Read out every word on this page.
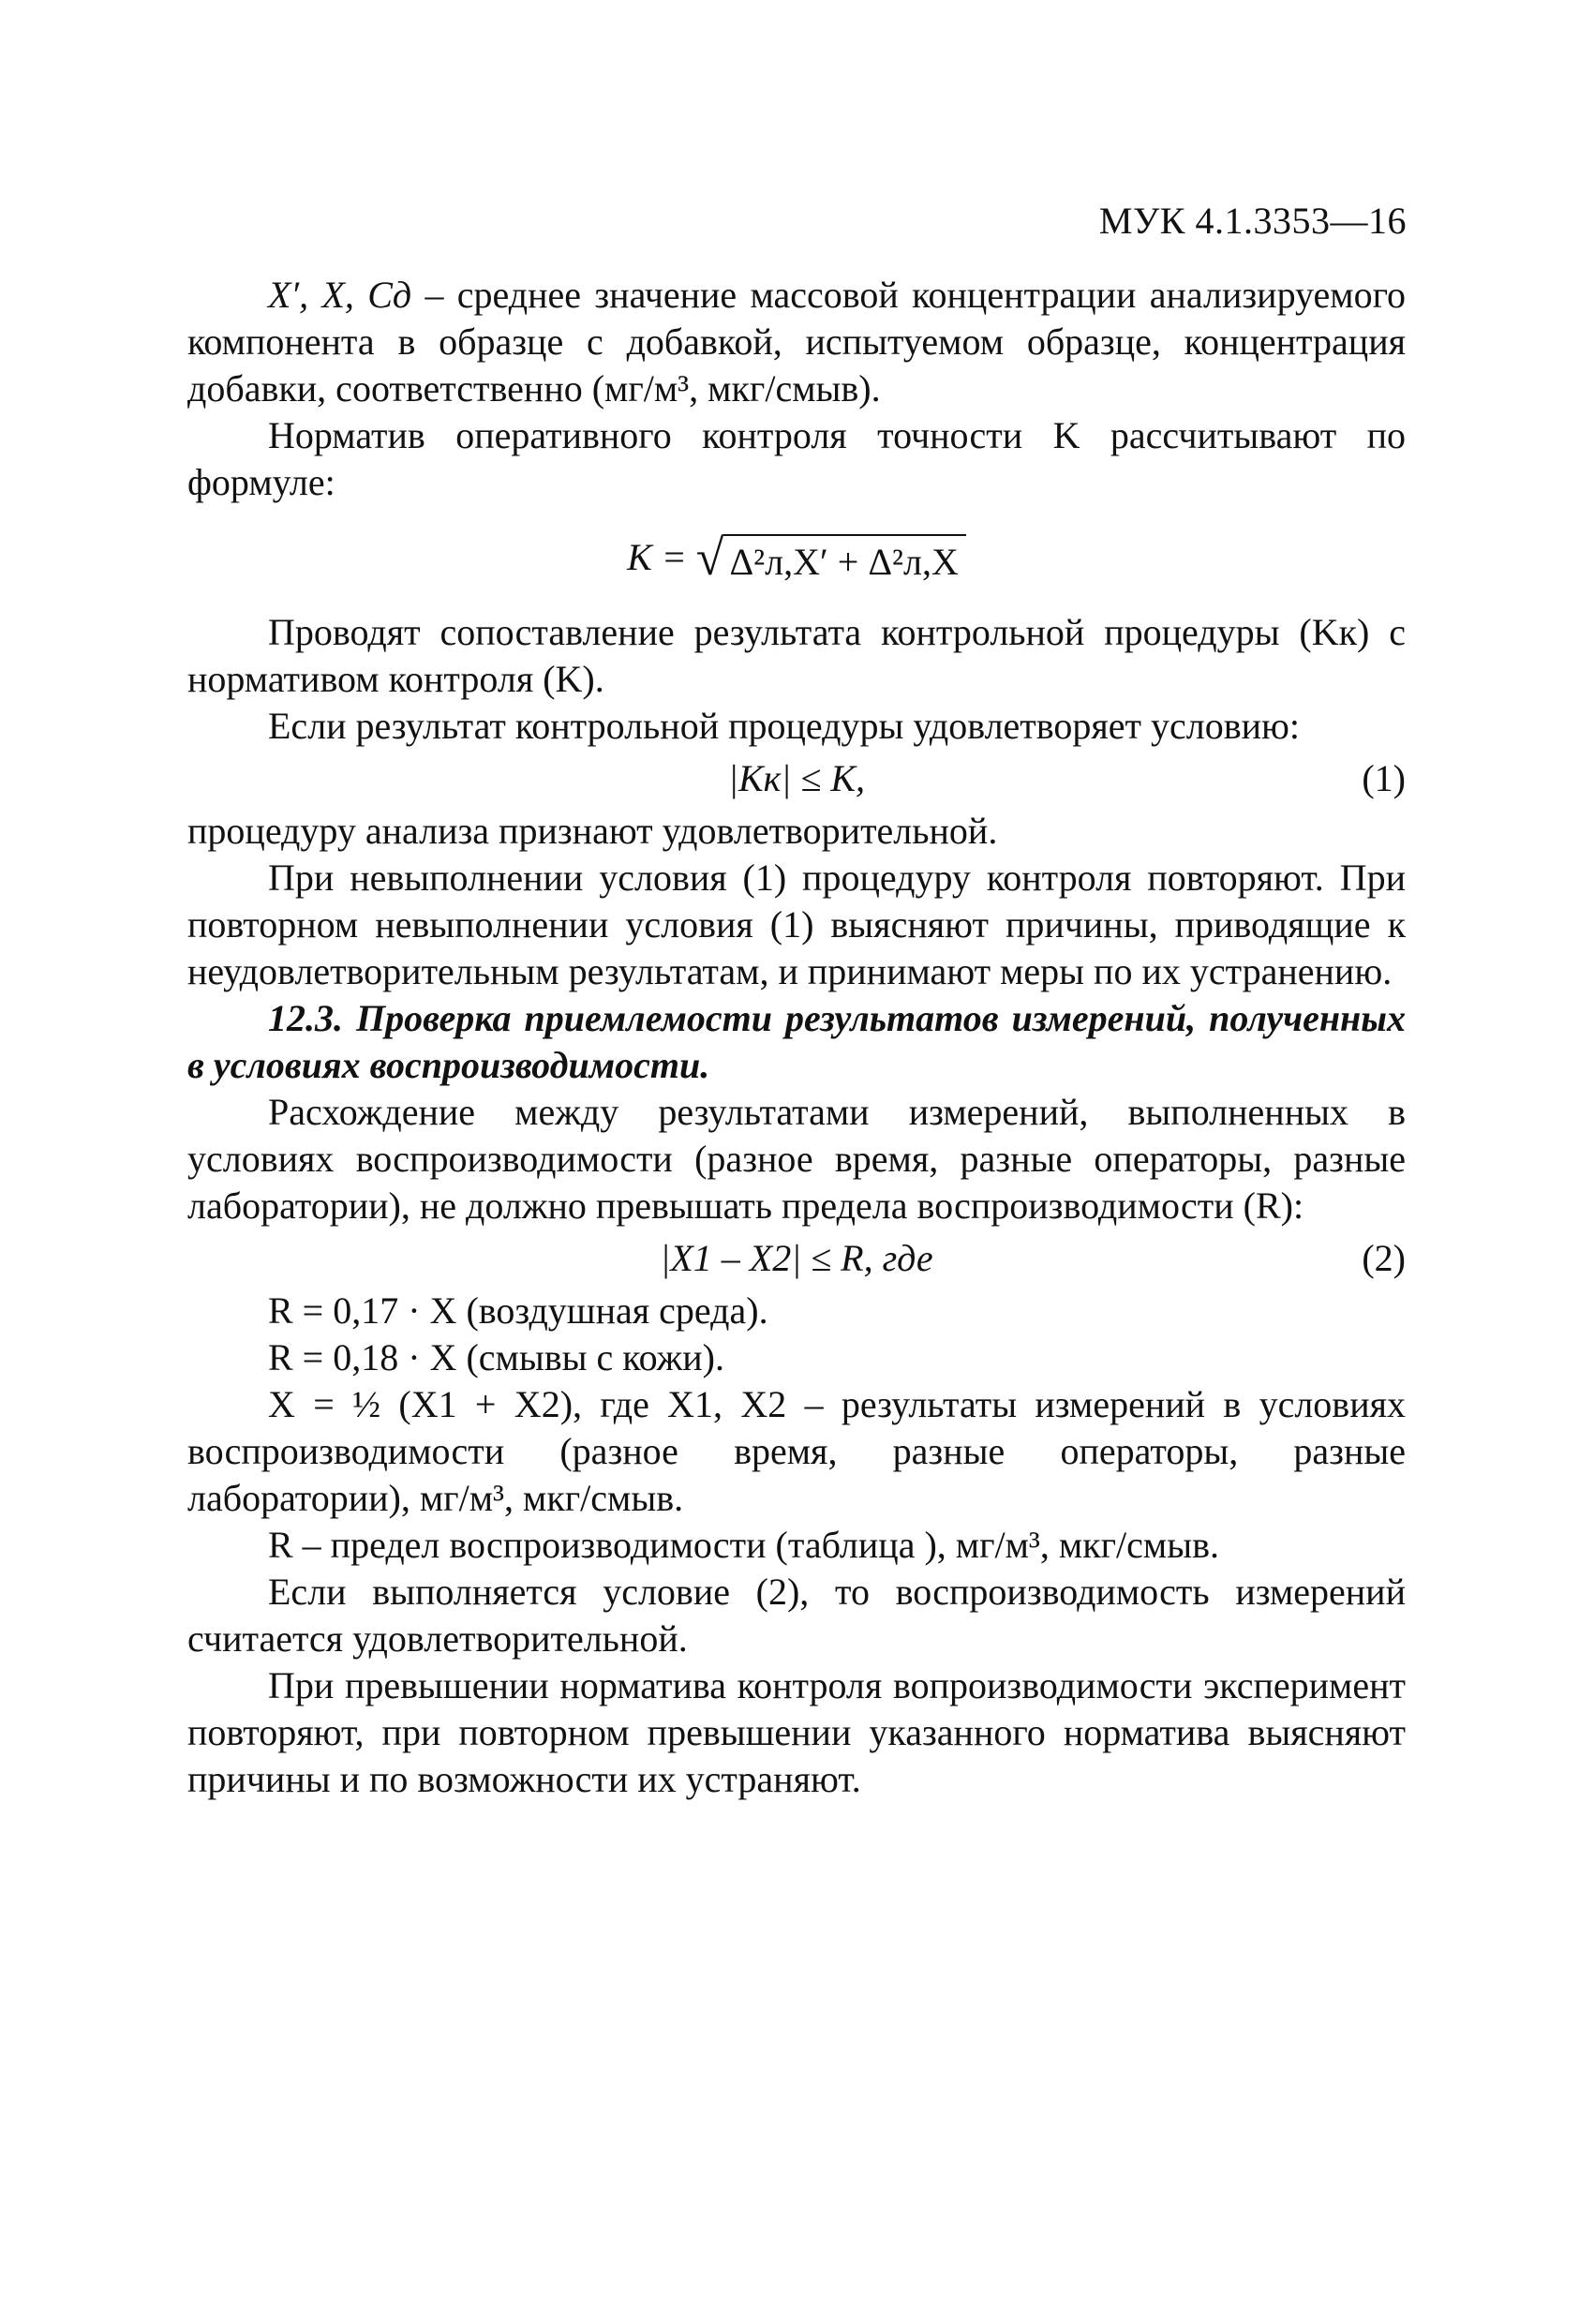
МУК 4.1.3353—16

X′, X, Cд – среднее значение массовой концентрации анализируемого компонента в образце с добавкой, испытуемом образце, концентрация добавки, соответственно (мг/м³, мкг/смыв).

Норматив оперативного контроля точности K рассчитывают по формуле:

K = √ Δ²л,X′ + Δ²л,X

Проводят сопоставление результата контрольной процедуры (Kк) с нормативом контроля (K).

Если результат контрольной процедуры удовлетворяет условию:

|Kк| ≤ K,	(1)

процедуру анализа признают удовлетворительной.

При невыполнении условия (1) процедуру контроля повторяют. При повторном невыполнении условия (1) выясняют причины, приводящие к неудовлетворительным результатам, и принимают меры по их устранению.

12.3. Проверка приемлемости результатов измерений, полученных в условиях воспроизводимости.

Расхождение между результатами измерений, выполненных в условиях воспроизводимости (разное время, разные операторы, разные лаборатории), не должно превышать предела воспроизводимости (R):

|X1 – X2| ≤ R, где	(2)

R = 0,17 · X (воздушная среда).

R = 0,18 · X (смывы с кожи).

X = ½ (X1 + X2), где X1, X2 – результаты измерений в условиях воспроизводимости (разное время, разные операторы, разные лаборатории), мг/м³, мкг/смыв.

R – предел воспроизводимости (таблица ), мг/м³, мкг/смыв.

Если выполняется условие (2), то воспроизводимость измерений считается удовлетворительной.

При превышении норматива контроля вопроизводимости эксперимент повторяют, при повторном превышении указанного норматива выясняют причины и по возможности их устраняют.
